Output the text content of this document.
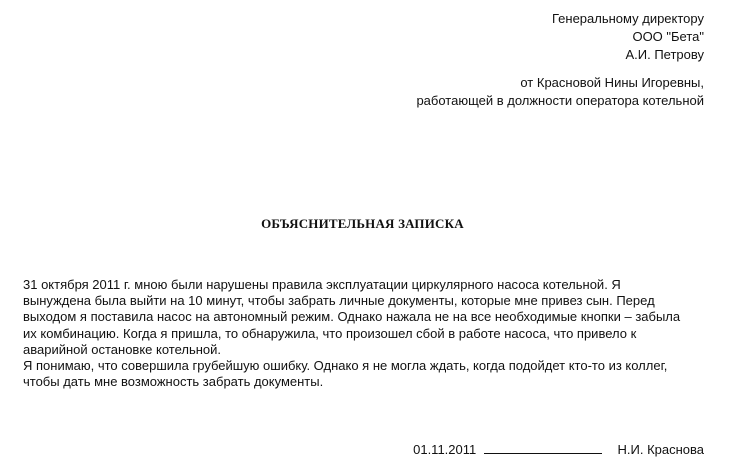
Генеральному директору
ООО "Бета"
А.И. Петрову
от Красновой Нины Игоревны,
работающей в должности оператора котельной
ОБЪЯСНИТЕЛЬНАЯ ЗАПИСКА
31 октября 2011 г. мною были нарушены правила эксплуатации циркулярного насоса котельной. Я
вынуждена была выйти на 10 минут, чтобы забрать личные документы, которые мне привез сын. Перед
выходом я поставила насос на автономный режим. Однако нажала не на все необходимые кнопки – забыла
их комбинацию. Когда я пришла, то обнаружила, что произошел сбой в работе насоса, что привело к
аварийной остановке котельной.
Я понимаю, что совершила грубейшую ошибку. Однако я не могла ждать, когда подойдет кто-то из коллег,
чтобы дать мне возможность забрать документы.
01.11.2011	Н.И. Краснова
